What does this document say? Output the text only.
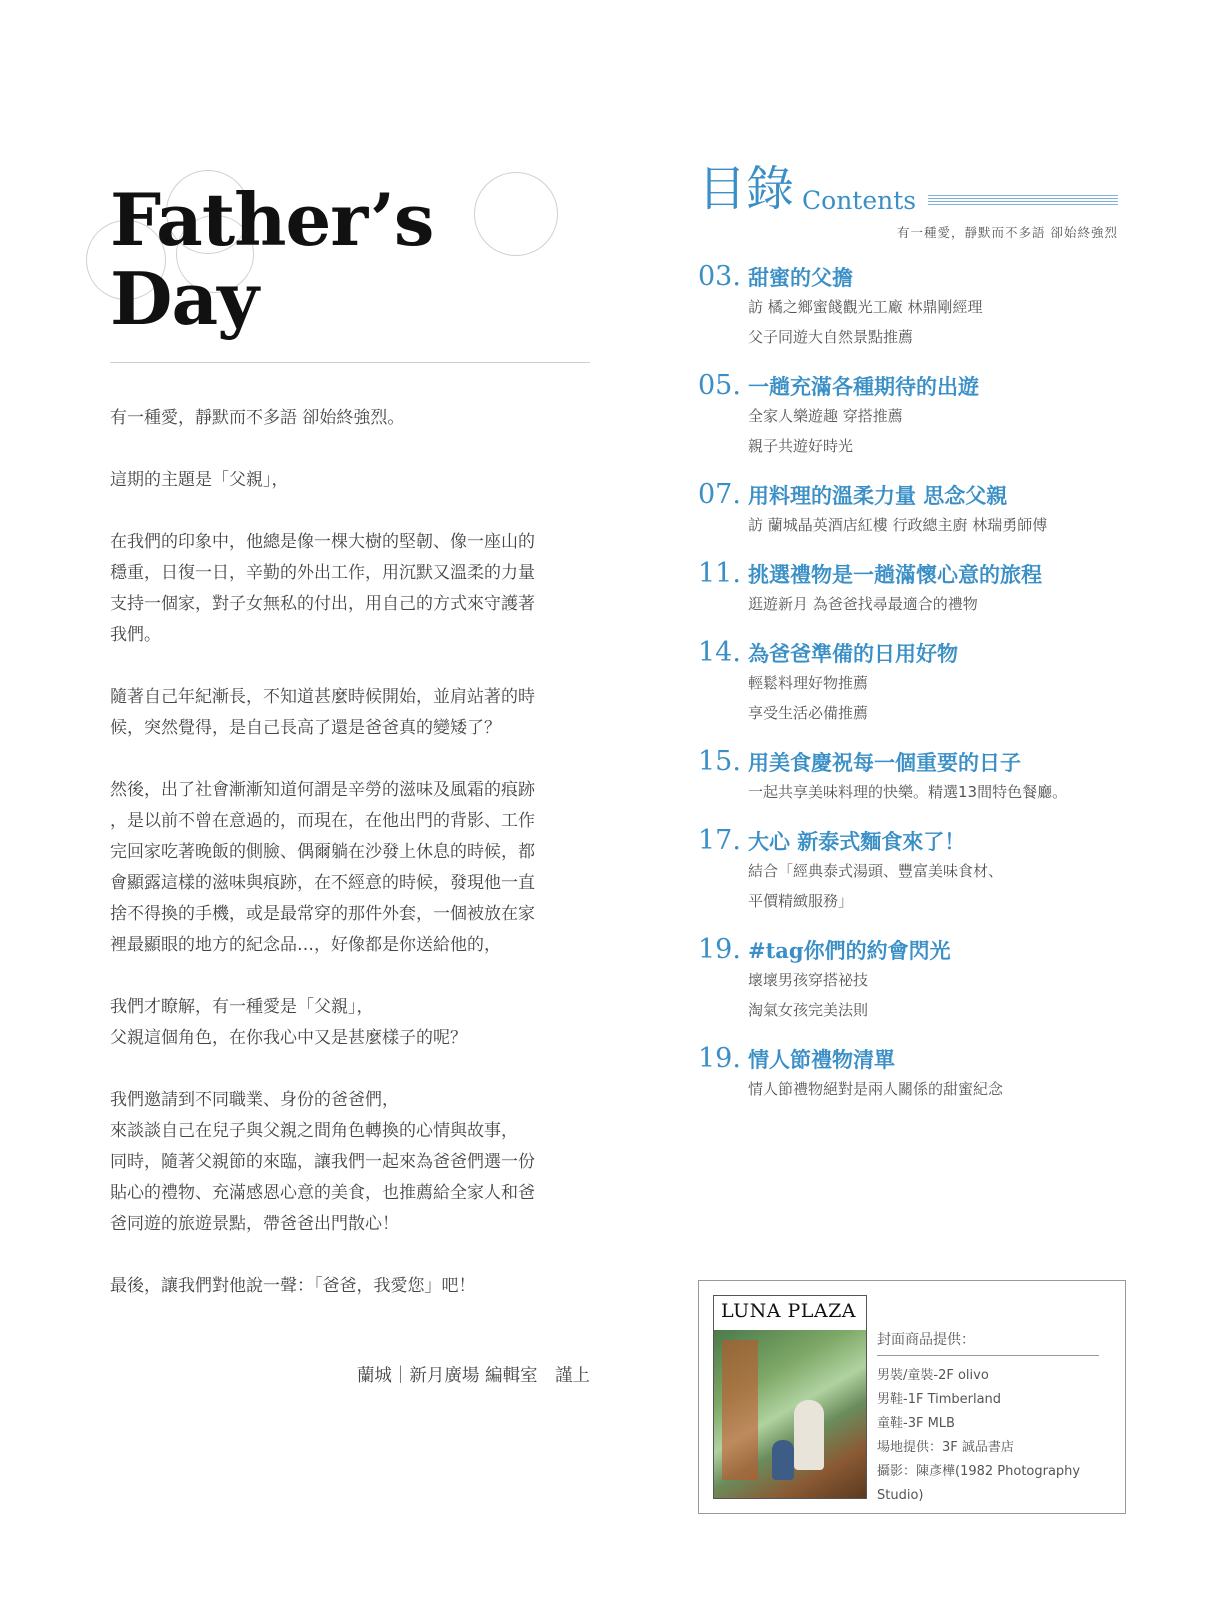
Father’s Day

有一種愛，靜默而不多語 卻始終強烈。

這期的主題是「父親」，

在我們的印象中，他總是像一棵大樹的堅韌、像一座山的
穩重，日復一日，辛勤的外出工作，用沉默又溫柔的力量
支持一個家，對子女無私的付出，用自己的方式來守護著
我們。

隨著自己年紀漸長，不知道甚麼時候開始，並肩站著的時
候，突然覺得，是自己長高了還是爸爸真的變矮了？

然後，出了社會漸漸知道何謂是辛勞的滋味及風霜的痕跡
，是以前不曾在意過的，而現在，在他出門的背影、工作
完回家吃著晚飯的側臉、偶爾躺在沙發上休息的時候，都
會顯露這樣的滋味與痕跡，在不經意的時候，發現他一直
捨不得換的手機，或是最常穿的那件外套，一個被放在家
裡最顯眼的地方的紀念品…，好像都是你送給他的，

我們才瞭解，有一種愛是「父親」，
父親這個角色，在你我心中又是甚麼樣子的呢？

我們邀請到不同職業、身份的爸爸們，
來談談自己在兒子與父親之間角色轉換的心情與故事，
同時，隨著父親節的來臨，讓我們一起來為爸爸們選一份
貼心的禮物、充滿感恩心意的美食，也推薦給全家人和爸
爸同遊的旅遊景點，帶爸爸出門散心！

最後，讓我們對他說一聲：「爸爸，我愛您」吧！

蘭城｜新月廣場 編輯室　謹上
目錄 Contents
有一種愛，靜默而不多語 卻始終強烈
03. 甜蜜的父擔
訪 橘之鄉蜜餞觀光工廠 林鼎剛經理
父子同遊大自然景點推薦
05. 一趟充滿各種期待的出遊
全家人樂遊趣 穿搭推薦
親子共遊好時光
07. 用料理的溫柔力量 思念父親
訪 蘭城晶英酒店紅樓 行政總主廚 林瑞勇師傅
11. 挑選禮物是一趟滿懷心意的旅程
逛遊新月 為爸爸找尋最適合的禮物
14. 為爸爸準備的日用好物
輕鬆料理好物推薦
享受生活必備推薦
15. 用美食慶祝每一個重要的日子
一起共享美味料理的快樂。精選13間特色餐廳。
17. 大心 新泰式麵食來了！
結合「經典泰式湯頭、豐富美味食材、
平價精緻服務」
19. #tag你們的約會閃光
壞壞男孩穿搭祕技
淘氣女孩完美法則
19. 情人節禮物清單
情人節禮物絕對是兩人關係的甜蜜紀念
LUNA PLAZA
封面商品提供：
男裝/童裝-2F olivo
男鞋-1F Timberland
童鞋-3F MLB
場地提供：3F 誠品書店
攝影：陳彥樺(1982 Photography Studio)
